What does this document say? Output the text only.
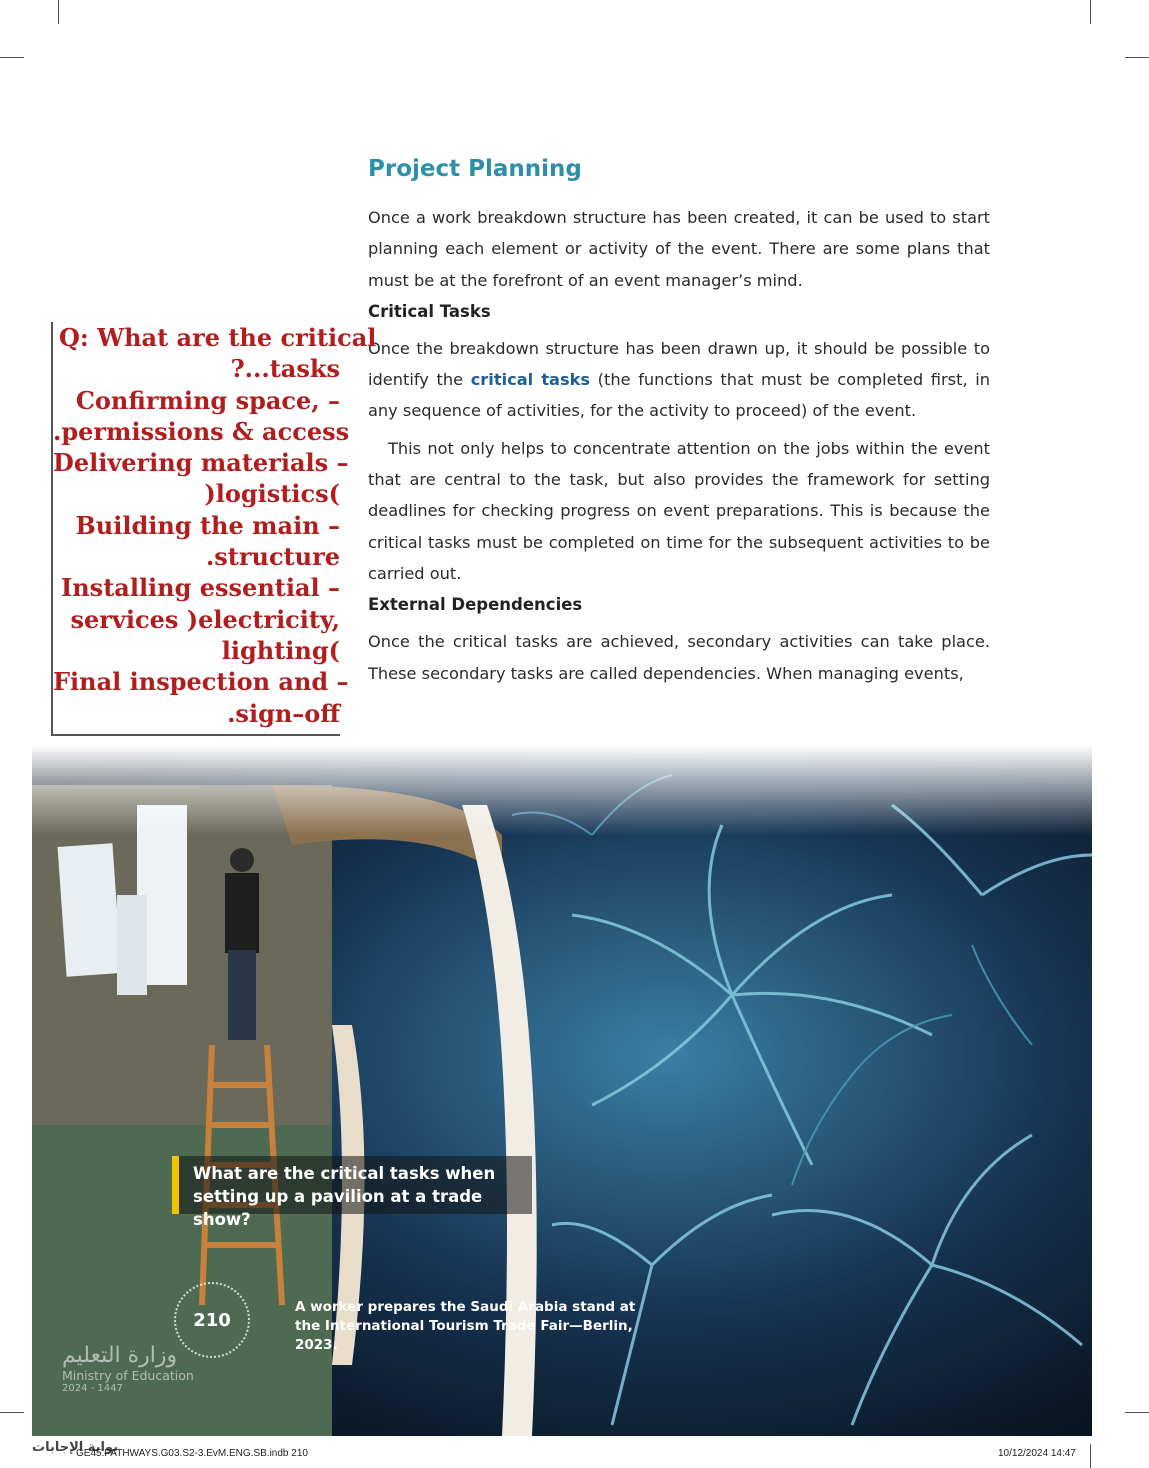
Project Planning

Once a work breakdown structure has been created, it can be used to start planning each element or activity of the event. There are some plans that must be at the forefront of an event manager’s mind.

Critical Tasks

Once the breakdown structure has been drawn up, it should be possible to identify the critical tasks (the functions that must be completed first, in any sequence of activities, for the activity to proceed) of the event.

This not only helps to concentrate attention on the jobs within the event that are central to the task, but also provides the framework for setting deadlines for checking progress on event preparations. This is because the critical tasks must be completed on time for the subsequent activities to be carried out.

External Dependencies

Once the critical tasks are achieved, secondary activities can take place. These secondary tasks are called dependencies. When managing events,

Q: What are the critical
?...tasks
Confirming space, –
.permissions & access
Delivering materials –
)logistics(
Building the main –
.structure
Installing essential –
services )electricity,
lighting(
Final inspection and –
.sign–off
What are the critical tasks when setting up a pavilion at a trade show?
210
A worker prepares the Saudi Arabia stand at the International Tourism Trade Fair—Berlin, 2023.
وزارة التعليم
Ministry of Education
2024 - 1447
بوابة الإجابات
GE45.PATHWAYS.G03.S2-3.EvM.ENG.SB.indb 210	10/12/2024 14:47
